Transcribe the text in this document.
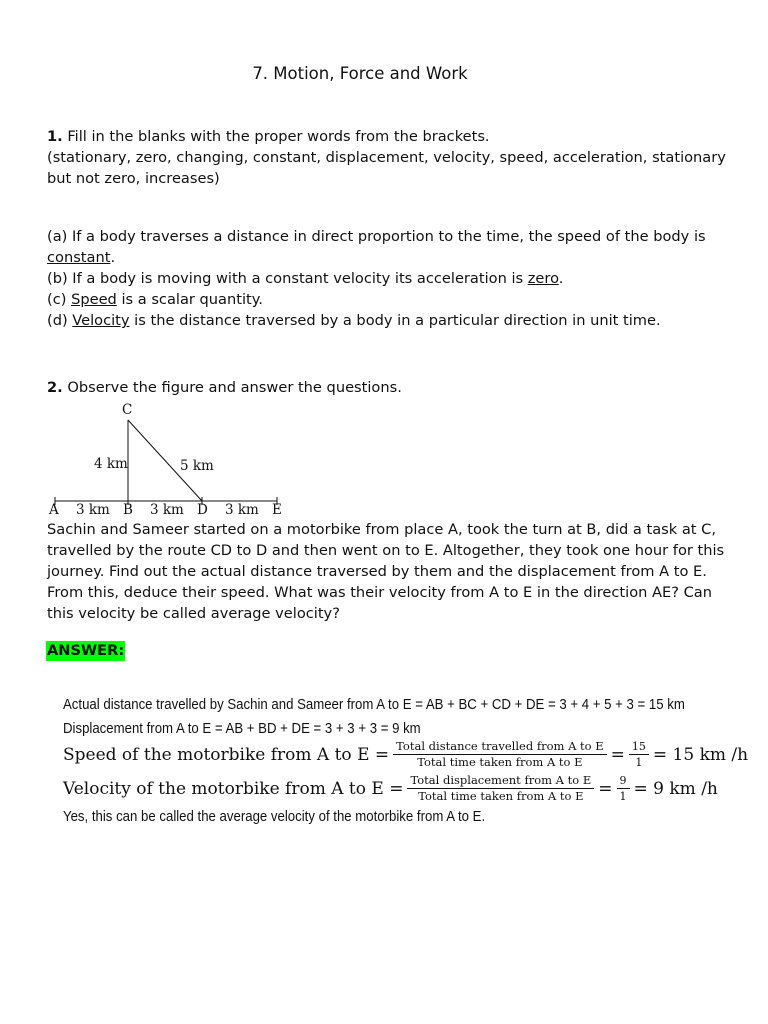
7. Motion, Force and Work
1. Fill in the blanks with the proper words from the brackets.
(stationary, zero, changing, constant, displacement, velocity, speed, acceleration, stationary but not zero, increases)
(a) If a body traverses a distance in direct proportion to the time, the speed of the body is constant.
(b) If a body is moving with a constant velocity its acceleration is zero.
(c) Speed is a scalar quantity.
(d) Velocity is the distance traversed by a body in a particular direction in unit time.
2. Observe the figure and answer the questions.
C
4 km	5 km
A 3 km B 3 km D 3 km E
Sachin and Sameer started on a motorbike from place A, took the turn at B, did a task at C, travelled by the route CD to D and then went on to E. Altogether, they took one hour for this journey. Find out the actual distance traversed by them and the displacement from A to E. From this, deduce their speed. What was their velocity from A to E in the direction AE? Can this velocity be called average velocity?
ANSWER:
Actual distance travelled by Sachin and Sameer from A to E = AB + BC + CD + DE = 3 + 4 + 5 + 3 = 15 km
Displacement from A to E = AB + BD + DE = 3 + 3 + 3 = 9 km
Speed of the motorbike from A to $E = \frac{\text{Total distance travelled from A to E}}{\text{Total time taken from A to E}} = \frac{15}{1} = 15$ km /h
Velocity of the motorbike from A to $E = \frac{\text{Total displacement from A to E}}{\text{Total time taken from A to E}} = \frac{9}{1} = 9$ km /h
Yes, this can be called the average velocity of the motorbike from A to E.
